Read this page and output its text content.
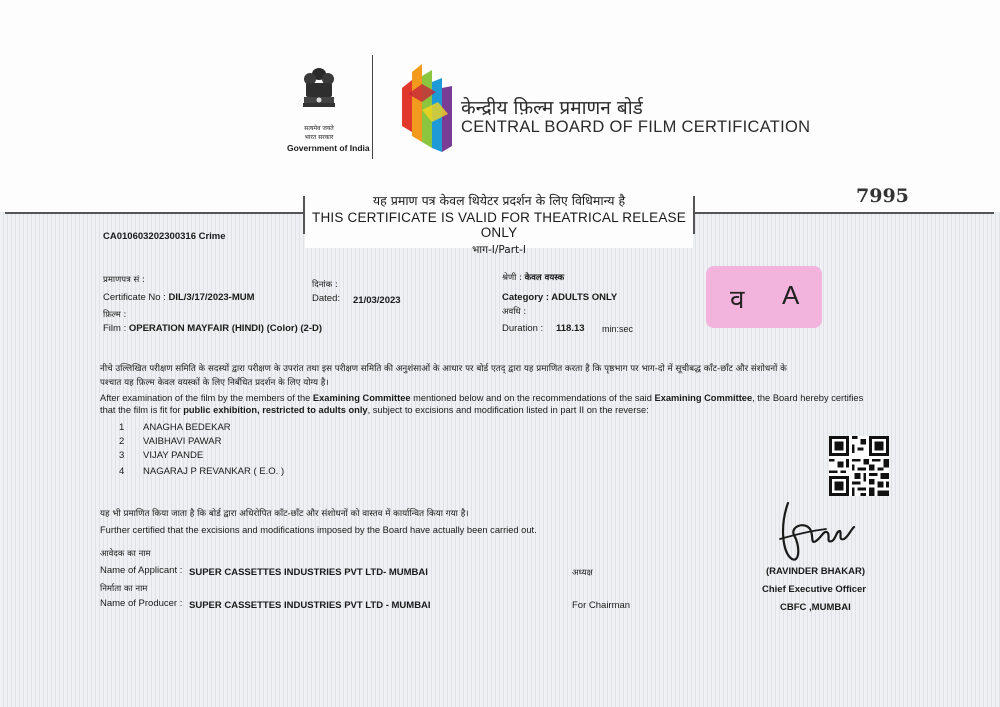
सत्यमेव जयते
भारत सरकार
Government of India
केन्द्रीय फ़िल्म प्रमाणन बोर्ड
CENTRAL BOARD OF FILM CERTIFICATION
7995
यह प्रमाण पत्र केवल थियेटर प्रदर्शन के लिए विधिमान्य है
THIS CERTIFICATE IS VALID FOR THEATRICAL RELEASE ONLY
भाग-I/Part-I
CA010603202300316 Crime
प्रमाणपत्र सं :
Certificate No : DIL/3/17/2023-MUM
फ़िल्म :
Film : OPERATION MAYFAIR (HINDI) (Color) (2-D)
दिनांक :
Dated: 21/03/2023
श्रेणी : केवल वयस्क
Category : ADULTS ONLY
अवधि :
Duration : 118.13 min:sec
व A
नीचे उल्लिखित परीक्षण समिति के सदस्यों द्वारा परीक्षण के उपरांत तथा इस परीक्षण समिति की अनुशंसाओं के आधार पर बोर्ड एतद् द्वारा यह प्रमाणित करता है कि पृष्ठभाग पर भाग-दो में सूचीबद्ध काँट-छाँट और संशोधनों के
पश्चात यह फ़िल्म केवल वयस्कों के लिए निर्बंधित प्रदर्शन के लिए योग्य है।
After examination of the film by the members of the Examining Committee mentioned below and on the recommendations of the said Examining Committee, the Board hereby certifies
that the film is fit for public exhibition, restricted to adults only, subject to excisions and modification listed in part II on the reverse:
1 ANAGHA BEDEKAR
2 VAIBHAVI PAWAR
3 VIJAY PANDE
4 NAGARAJ P REVANKAR ( E.O. )
यह भी प्रमाणित किया जाता है कि बोर्ड द्वारा अधिरोपित काँट-छाँट और संशोधनों को वास्तव में कार्यान्वित किया गया है।
Further certified that the excisions and modifications imposed by the Board have actually been carried out.
आवेदक का नाम
Name of Applicant : SUPER CASSETTES INDUSTRIES PVT LTD- MUMBAI
निर्माता का नाम
Name of Producer : SUPER CASSETTES INDUSTRIES PVT LTD - MUMBAI
अध्यक्ष
For Chairman
(RAVINDER BHAKAR)
Chief Executive Officer
CBFC ,MUMBAI
